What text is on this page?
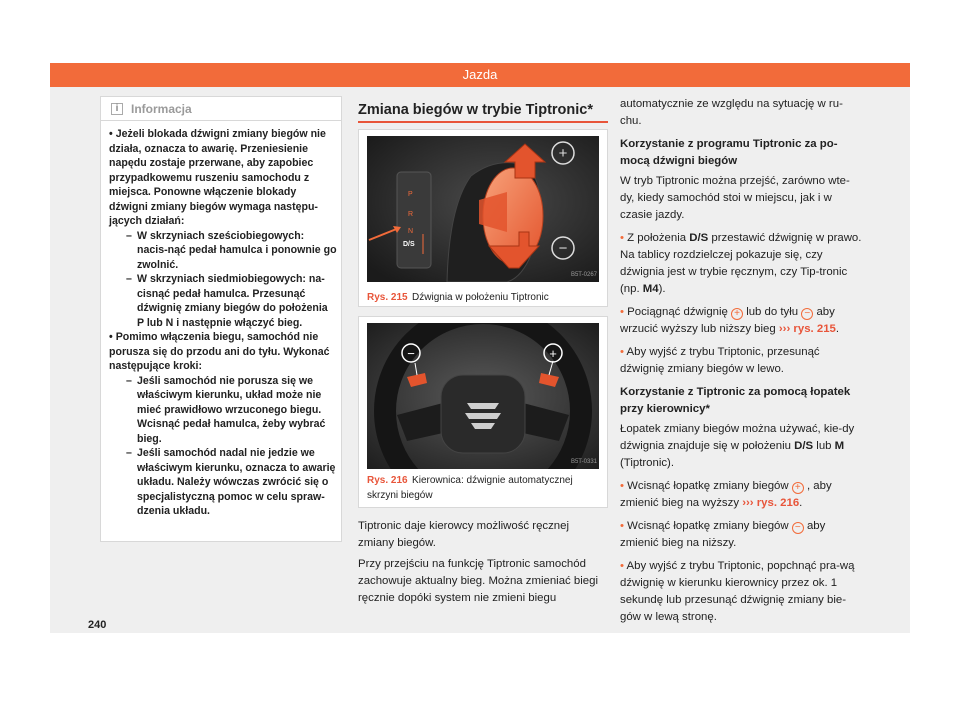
Jazda
i	Informacja

• Jeżeli blokada dźwigni zmiany biegów nie działa, oznacza to awarię. Przeniesienie napędu zostaje przerwane, aby zapobiec przypadkowemu ruszeniu samochodu z miejsca. Ponowne włączenie blokady dźwigni zmiany biegów wymaga następu-jących działań:

– W skrzyniach sześciobiegowych: nacis-nąć pedał hamulca i ponownie go zwolnić.

– W skrzyniach siedmiobiegowych: na-cisnąć pedał hamulca. Przesunąć dźwignię zmiany biegów do położenia P lub N i następnie włączyć bieg.

• Pomimo włączenia biegu, samochód nie porusza się do przodu ani do tyłu. Wykonać następujące kroki:

– Jeśli samochód nie porusza się we właściwym kierunku, układ może nie mieć prawidłowo wrzuconego biegu. Wcisnąć pedał hamulca, żeby wybrać bieg.

– Jeśli samochód nadal nie jedzie we właściwym kierunku, oznacza to awarię układu. Należy wówczas zwrócić się o specjalistyczną pomoc w celu spraw-dzenia układu.

Zmiana biegów w trybie Tiptronic*
P
R
N
D/S
+
−
B5T-0267
Rys. 215 Dźwignia w położeniu Tiptronic
−	+
B5T-0331
Rys. 216 Kierownica: dźwignie automatycznej skrzyni biegów

Tiptronic daje kierowcy możliwość ręcznej zmiany biegów.

Przy przejściu na funkcję Tiptronic samochód zachowuje aktualny bieg. Można zmieniać biegi ręcznie dopóki system nie zmieni biegu

automatycznie ze względu na sytuację w ru-chu.

Korzystanie z programu Tiptronic za po-mocą dźwigni biegów

W tryb Tiptronic można przejść, zarówno wte-dy, kiedy samochód stoi w miejscu, jak i w czasie jazdy.

• Z położenia D/S przestawić dźwignię w prawo. Na tablicy rozdzielczej pokazuje się, czy dźwignia jest w trybie ręcznym, czy Tip-tronic (np. M4).

• Pociągnąć dźwignię + lub do tyłu − aby wrzucić wyższy lub niższy bieg ››› rys. 215.

• Aby wyjść z trybu Triptonic, przesunąć dźwignię zmiany biegów w lewo.

Korzystanie z Tiptronic za pomocą łopatek przy kierownicy*

Łopatek zmiany biegów można używać, kie-dy dźwignia znajduje się w położeniu D/S lub M (Tiptronic).

• Wcisnąć łopatkę zmiany biegów + , aby zmienić bieg na wyższy ››› rys. 216.

• Wcisnąć łopatkę zmiany biegów − aby zmienić bieg na niższy.

• Aby wyjść z trybu Triptonic, popchnąć pra-wą dźwignię w kierunku kierownicy przez ok. 1 sekundę lub przesunąć dźwignię zmiany bie-gów w lewą stronę.

240
